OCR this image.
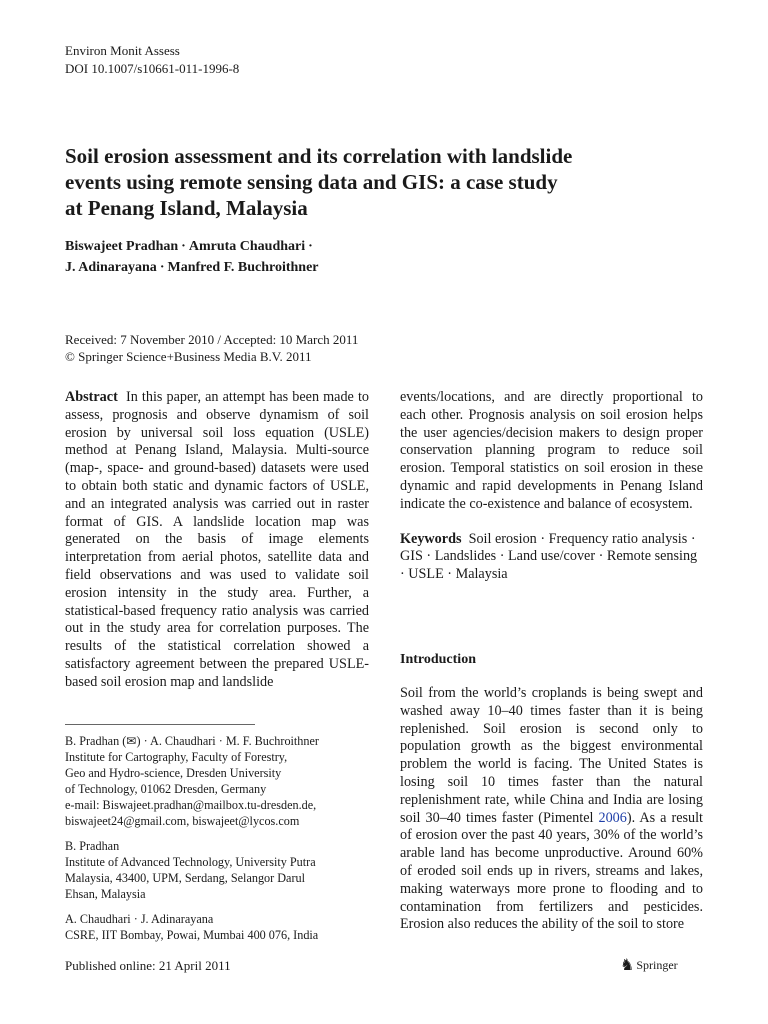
Environ Monit Assess
DOI 10.1007/s10661-011-1996-8
Soil erosion assessment and its correlation with landslide
events using remote sensing data and GIS: a case study
at Penang Island, Malaysia
Biswajeet Pradhan · Amruta Chaudhari ·
J. Adinarayana · Manfred F. Buchroithner
Received: 7 November 2010 / Accepted: 10 March 2011
© Springer Science+Business Media B.V. 2011
Abstract In this paper, an attempt has been made to assess, prognosis and observe dynamism of soil erosion by universal soil loss equation (USLE) method at Penang Island, Malaysia. Multi-source (map-, space- and ground-based) datasets were used to obtain both static and dynamic factors of USLE, and an integrated analysis was carried out in raster format of GIS. A landslide location map was generated on the basis of image elements interpretation from aerial photos, satellite data and field observations and was used to validate soil erosion intensity in the study area. Further, a statistical-based frequency ratio analysis was carried out in the study area for correlation purposes. The results of the statistical correlation showed a satisfactory agreement between the prepared USLE-based soil erosion map and landslide
events/locations, and are directly proportional to each other. Prognosis analysis on soil erosion helps the user agencies/decision makers to design proper conservation planning program to reduce soil erosion. Temporal statistics on soil erosion in these dynamic and rapid developments in Penang Island indicate the co-existence and balance of ecosystem.
Keywords Soil erosion · Frequency ratio analysis · GIS · Landslides · Land use/cover · Remote sensing · USLE · Malaysia
Introduction
Soil from the world’s croplands is being swept and washed away 10–40 times faster than it is being replenished. Soil erosion is second only to population growth as the biggest environmental problem the world is facing. The United States is losing soil 10 times faster than the natural replenishment rate, while China and India are losing soil 30–40 times faster (Pimentel 2006). As a result of erosion over the past 40 years, 30% of the world’s arable land has become unproductive. Around 60% of eroded soil ends up in rivers, streams and lakes, making waterways more prone to flooding and to contamination from fertilizers and pesticides. Erosion also reduces the ability of the soil to store
B. Pradhan (✉) · A. Chaudhari · M. F. Buchroithner
Institute for Cartography, Faculty of Forestry,
Geo and Hydro-science, Dresden University
of Technology, 01062 Dresden, Germany
e-mail: Biswajeet.pradhan@mailbox.tu-dresden.de,
biswajeet24@gmail.com, biswajeet@lycos.com
B. Pradhan
Institute of Advanced Technology, University Putra
Malaysia, 43400, UPM, Serdang, Selangor Darul
Ehsan, Malaysia
A. Chaudhari · J. Adinarayana
CSRE, IIT Bombay, Powai, Mumbai 400 076, India
Published online: 21 April 2011	♞ Springer
